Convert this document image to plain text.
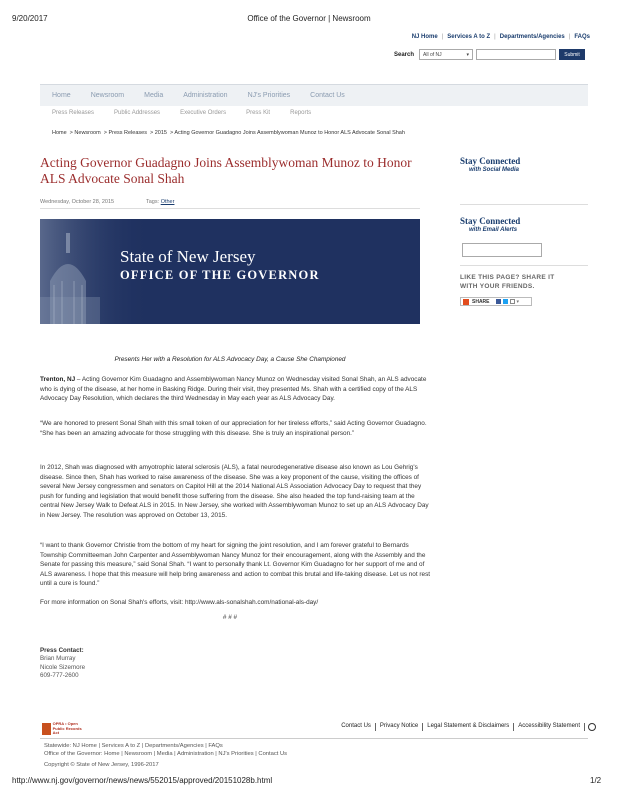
9/20/2017	Office of the Governor | Newsroom
NJ Home | Services A to Z | Departments/Agencies | FAQs
Search All of NJ	▾	Submit
Home	Newsroom	Media	Administration	NJ's Priorities	Contact Us
Press Releases	Public Addresses	Executive Orders	Press Kit	Reports
Home > Newsroom > Press Releases > 2015 > Acting Governor Guadagno Joins Assemblywoman Munoz to Honor ALS Advocate Sonal Shah
Acting Governor Guadagno Joins Assemblywoman Munoz to Honor ALS Advocate Sonal Shah
Wednesday, October 28, 2015	Tags: Other
State of New Jersey
OFFICE OF THE GOVERNOR
Presents Her with a Resolution for ALS Advocacy Day, a Cause She Championed
Trenton, NJ – Acting Governor Kim Guadagno and Assemblywoman Nancy Munoz on Wednesday visited Sonal Shah, an ALS advocate who is dying of the disease, at her home in Basking Ridge. During their visit, they presented Ms. Shah with a certified copy of the ALS Advocacy Day Resolution, which declares the third Wednesday in May each year as ALS Advocacy Day.
“We are honored to present Sonal Shah with this small token of our appreciation for her tireless efforts,” said Acting Governor Guadagno. “She has been an amazing advocate for those struggling with this disease. She is truly an inspirational person.”
In 2012, Shah was diagnosed with amyotrophic lateral sclerosis (ALS), a fatal neurodegenerative disease also known as Lou Gehrig's disease. Since then, Shah has worked to raise awareness of the disease. She was a key proponent of the cause, visiting the offices of several New Jersey congressmen and senators on Capitol Hill at the 2014 National ALS Association Advocacy Day to request that they push for funding and legislation that would benefit those suffering from the disease. She also headed the top fund-raising team at the central New Jersey Walk to Defeat ALS in 2015. In New Jersey, she worked with Assemblywoman Munoz to set up an ALS Advocacy Day in New Jersey. The resolution was approved on October 13, 2015.
“I want to thank Governor Christie from the bottom of my heart for signing the joint resolution, and I am forever grateful to Bernards Township Committeeman John Carpenter and Assemblywoman Nancy Munoz for their encouragement, along with the Assembly and the Senate for passing this measure,” said Sonal Shah. “I want to personally thank Lt. Governor Kim Guadagno for her support of me and of ALS awareness. I hope that this measure will help bring awareness and action to combat this brutal and life-taking disease. Let us not rest until a cure is found.”
For more information on Sonal Shah's efforts, visit: http://www.als-sonalshah.com/national-als-day/
# # #
Press Contact:
Brian Murray
Nicole Sizemore
609-777-2600
Stay Connected
with Social Media
Stay Connected
with Email Alerts
LIKE THIS PAGE? SHARE IT
WITH YOUR FRIENDS.
SHARE	▾
OPRA • Open
Public Records Act
Contact Us	Privacy Notice	Legal Statement & Disclaimers	Accessibility Statement
Statewide: NJ Home | Services A to Z | Departments/Agencies | FAQs
Office of the Governor: Home | Newsroom | Media | Administration | NJ's Priorities | Contact Us
Copyright © State of New Jersey, 1996-2017
http://www.nj.gov/governor/news/news/552015/approved/20151028b.html	1/2
